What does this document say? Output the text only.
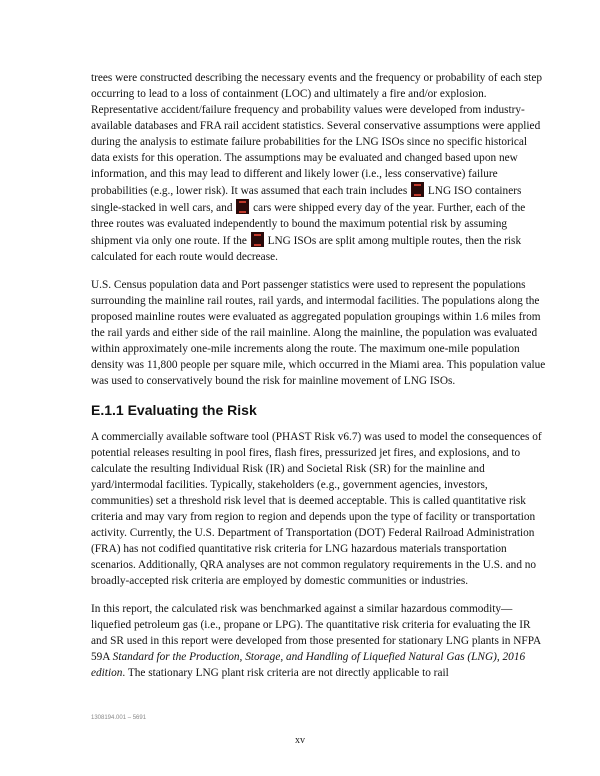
trees were constructed describing the necessary events and the frequency or probability of each step occurring to lead to a loss of containment (LOC) and ultimately a fire and/or explosion. Representative accident/failure frequency and probability values were developed from industry-available databases and FRA rail accident statistics. Several conservative assumptions were applied during the analysis to estimate failure probabilities for the LNG ISOs since no specific historical data exists for this operation. The assumptions may be evaluated and changed based upon new information, and this may lead to different and likely lower (i.e., less conservative) failure probabilities (e.g., lower risk). It was assumed that each train includes LNG ISO containers single-stacked in well cars, and cars were shipped every day of the year. Further, each of the three routes was evaluated independently to bound the maximum potential risk by assuming shipment via only one route. If the LNG ISOs are split among multiple routes, then the risk calculated for each route would decrease.

U.S. Census population data and Port passenger statistics were used to represent the populations surrounding the mainline rail routes, rail yards, and intermodal facilities. The populations along the proposed mainline routes were evaluated as aggregated population groupings within 1.6 miles from the rail yards and either side of the rail mainline. Along the mainline, the population was evaluated within approximately one-mile increments along the route. The maximum one-mile population density was 11,800 people per square mile, which occurred in the Miami area. This population value was used to conservatively bound the risk for mainline movement of LNG ISOs.

E.1.1 Evaluating the Risk

A commercially available software tool (PHAST Risk v6.7) was used to model the consequences of potential releases resulting in pool fires, flash fires, pressurized jet fires, and explosions, and to calculate the resulting Individual Risk (IR) and Societal Risk (SR) for the mainline and yard/intermodal facilities. Typically, stakeholders (e.g., government agencies, investors, communities) set a threshold risk level that is deemed acceptable. This is called quantitative risk criteria and may vary from region to region and depends upon the type of facility or transportation activity. Currently, the U.S. Department of Transportation (DOT) Federal Railroad Administration (FRA) has not codified quantitative risk criteria for LNG hazardous materials transportation scenarios. Additionally, QRA analyses are not common regulatory requirements in the U.S. and no broadly-accepted risk criteria are employed by domestic communities or industries.

In this report, the calculated risk was benchmarked against a similar hazardous commodity—liquefied petroleum gas (i.e., propane or LPG). The quantitative risk criteria for evaluating the IR and SR used in this report were developed from those presented for stationary LNG plants in NFPA 59A Standard for the Production, Storage, and Handling of Liquefied Natural Gas (LNG), 2016 edition. The stationary LNG plant risk criteria are not directly applicable to rail

1308194.001 – 5691
xv
